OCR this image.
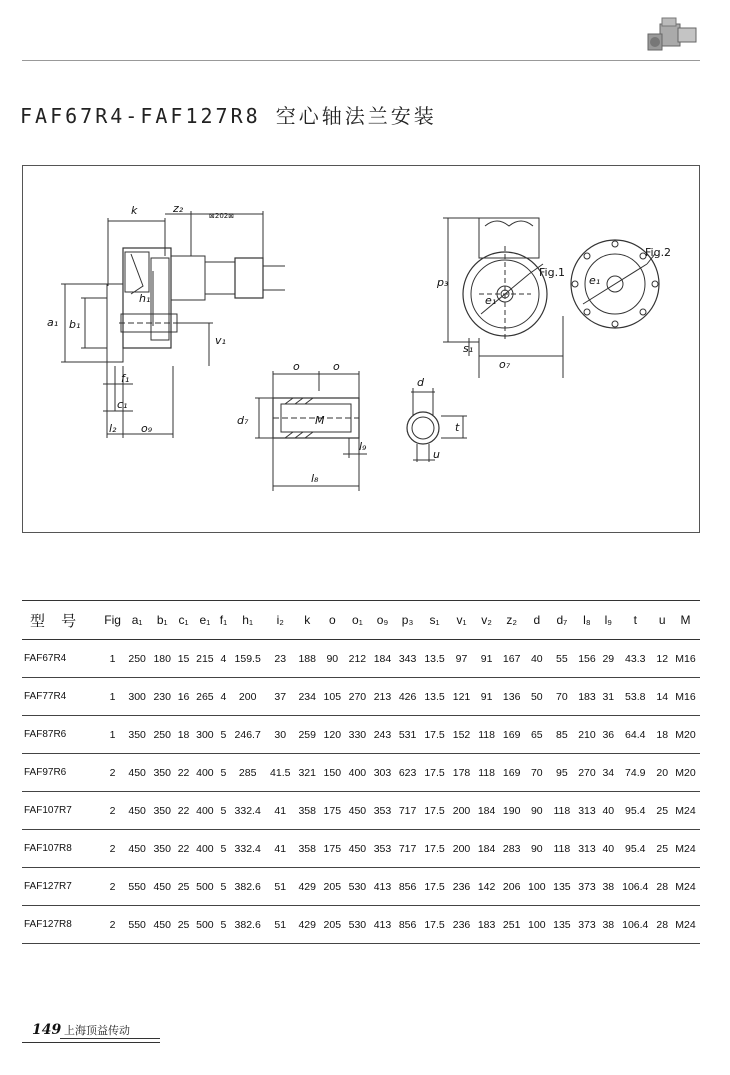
FAF67R4-FAF127R8 空心轴法兰安装
k	z₂
⊠202⊠
a₁ b₁
h₁
v₁
f₁
c₁
l₂ o₉
o	o
d₇	M
l₈
l₉
d
t
u
p₃
s₁
o₇
e₁
e₁
Fig.1
Fig.2
型 号	Fig	a₁	b₁	c₁	e₁	f₁	h₁	i₂	k	o	o₁	o₉	p₃	s₁	v₁	v₂	z₂	d	d₇	l₈	l₉	t	u	M
FAF67R4	1	250	180	15	215	4	159.5	23	188	90	212	184	343	13.5	97	91	167	40	55	156	29	43.3	12	M16
FAF77R4	1	300	230	16	265	4	200	37	234	105	270	213	426	13.5	121	91	136	50	70	183	31	53.8	14	M16
FAF87R6	1	350	250	18	300	5	246.7	30	259	120	330	243	531	17.5	152	118	169	65	85	210	36	64.4	18	M20
FAF97R6	2	450	350	22	400	5	285	41.5	321	150	400	303	623	17.5	178	118	169	70	95	270	34	74.9	20	M20
FAF107R7	2	450	350	22	400	5	332.4	41	358	175	450	353	717	17.5	200	184	190	90	118	313	40	95.4	25	M24
FAF107R8	2	450	350	22	400	5	332.4	41	358	175	450	353	717	17.5	200	184	283	90	118	313	40	95.4	25	M24
FAF127R7	2	550	450	25	500	5	382.6	51	429	205	530	413	856	17.5	236	142	206	100	135	373	38	106.4	28	M24
FAF127R8	2	550	450	25	500	5	382.6	51	429	205	530	413	856	17.5	236	183	251	100	135	373	38	106.4	28	M24
149 上海顶益传动
